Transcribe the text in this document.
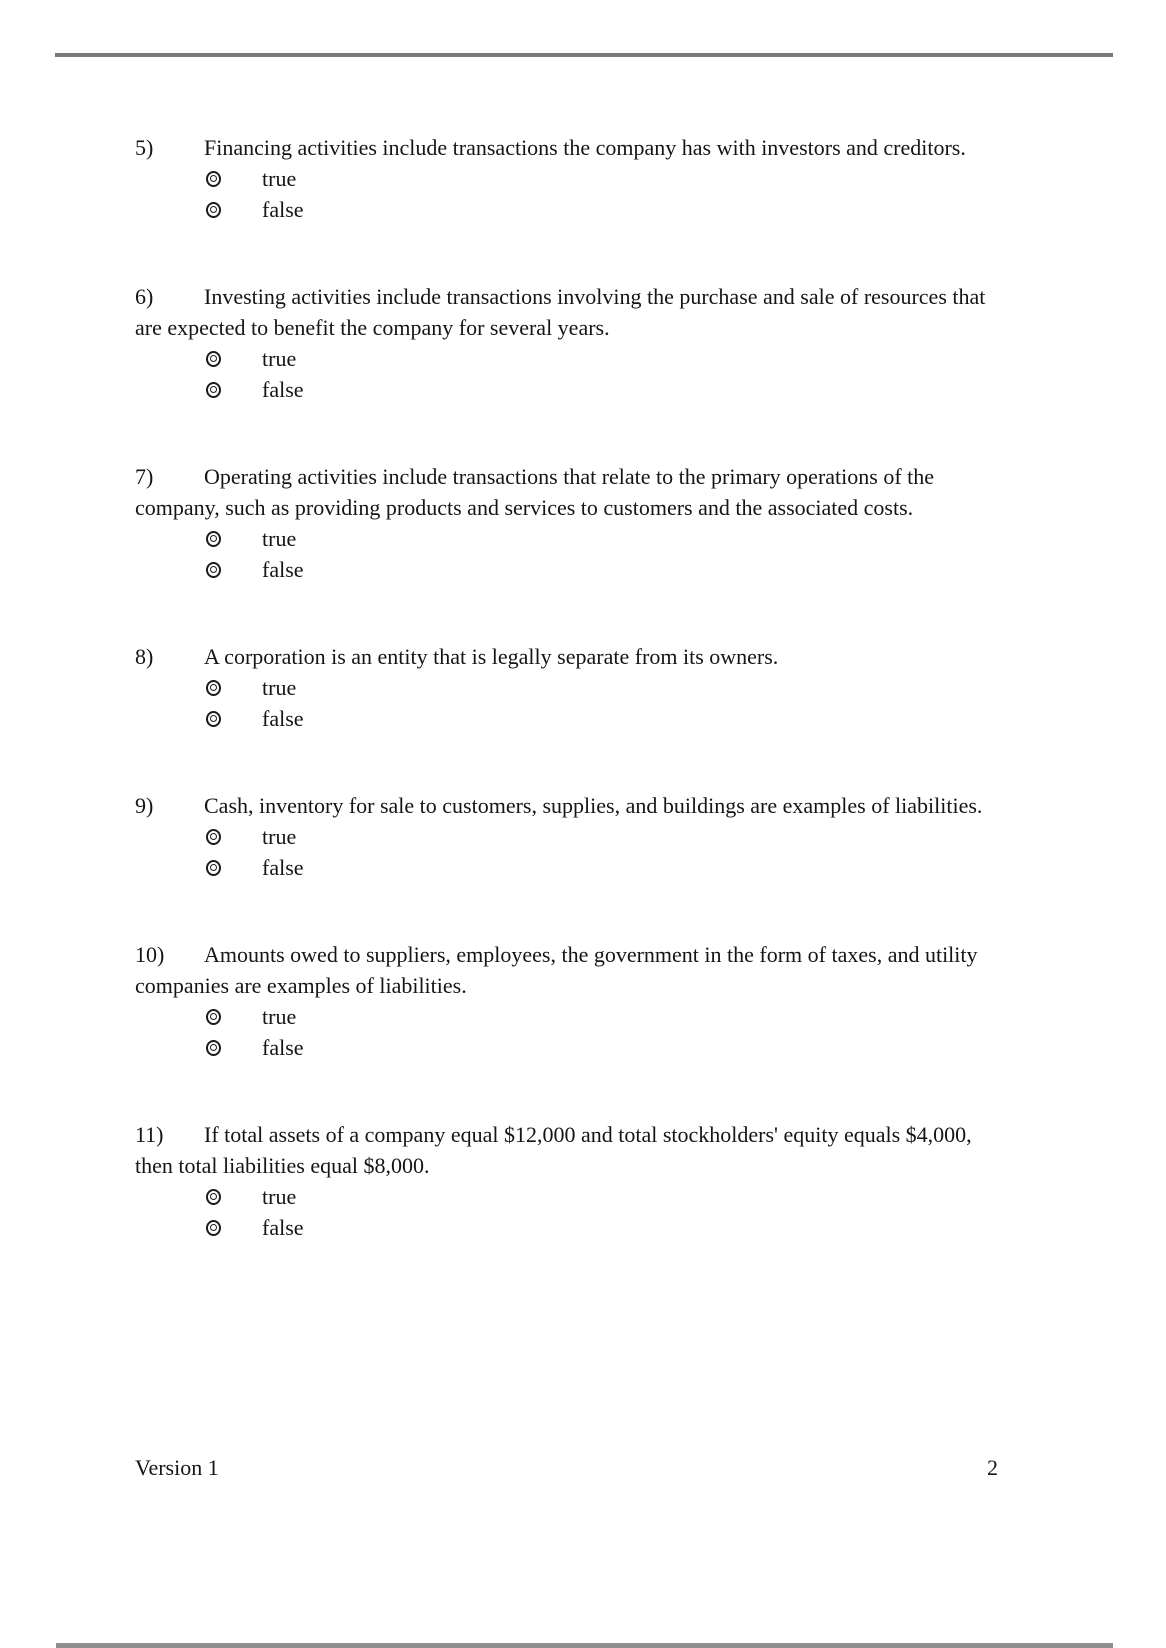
5) Financing activities include transactions the company has with investors and creditors.
true
false
6) Investing activities include transactions involving the purchase and sale of resources that
are expected to benefit the company for several years.
true
false
7) Operating activities include transactions that relate to the primary operations of the
company, such as providing products and services to customers and the associated costs.
true
false
8) A corporation is an entity that is legally separate from its owners.
true
false
9) Cash, inventory for sale to customers, supplies, and buildings are examples of liabilities.
true
false
10) Amounts owed to suppliers, employees, the government in the form of taxes, and utility
companies are examples of liabilities.
true
false
11) If total assets of a company equal $12,000 and total stockholders' equity equals $4,000,
then total liabilities equal $8,000.
true
false
Version 1	2
